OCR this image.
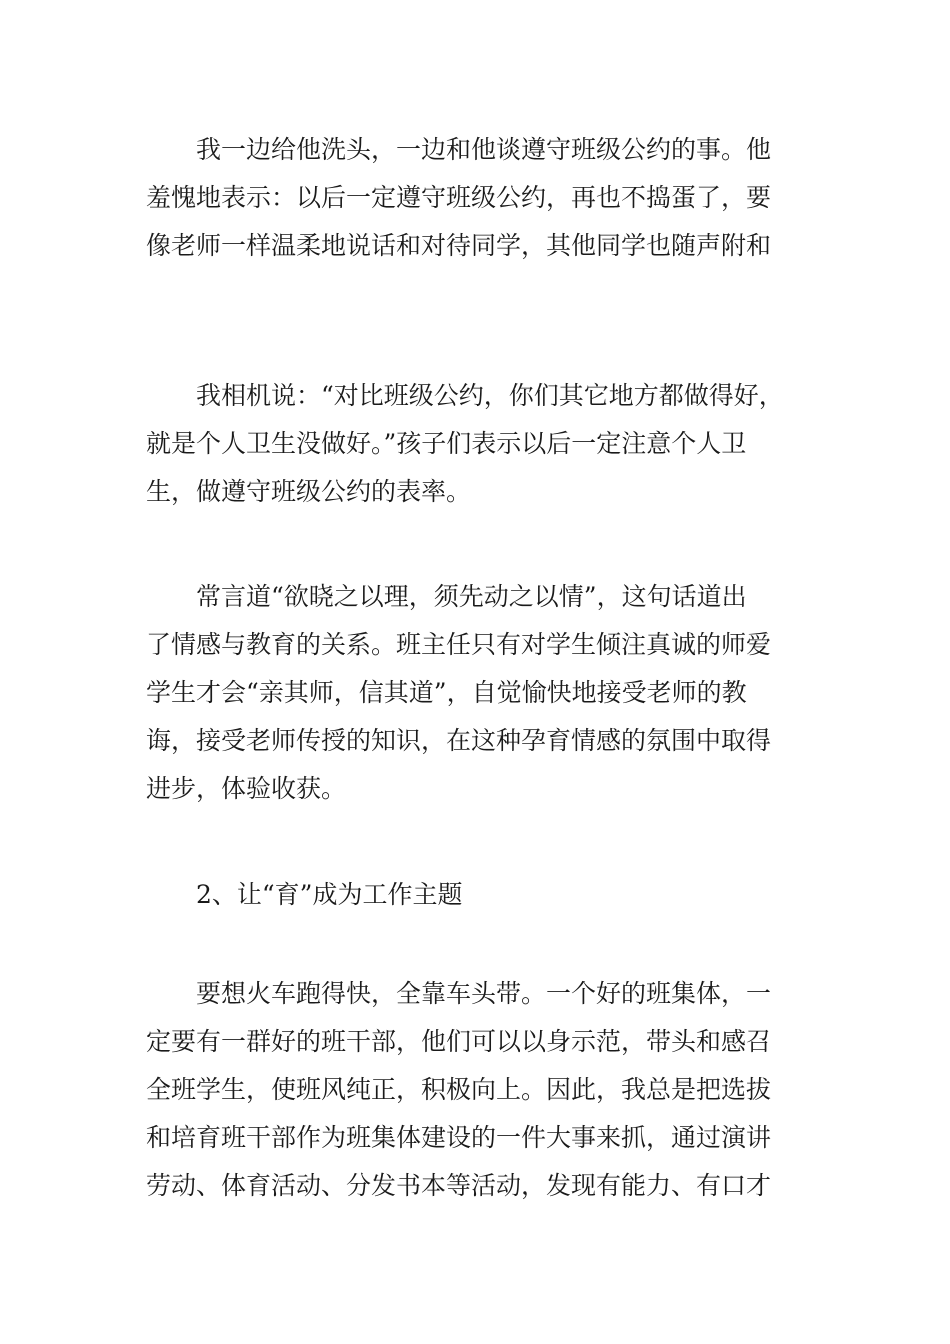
我一边给他洗头，一边和他谈遵守班级公约的事。他
羞愧地表示：以后一定遵守班级公约，再也不捣蛋了，要
像老师一样温柔地说话和对待同学，其他同学也随声附和
我相机说：“对比班级公约，你们其它地方都做得好，
就是个人卫生没做好。”孩子们表示以后一定注意个人卫
生，做遵守班级公约的表率。
常言道“欲晓之以理，须先动之以情”，这句话道出
了情感与教育的关系。班主任只有对学生倾注真诚的师爱
学生才会“亲其师，信其道”，自觉愉快地接受老师的教
诲，接受老师传授的知识，在这种孕育情感的氛围中取得
进步，体验收获。
2、让“育”成为工作主题
要想火车跑得快，全靠车头带。一个好的班集体，一
定要有一群好的班干部，他们可以以身示范，带头和感召
全班学生，使班风纯正，积极向上。因此，我总是把选拔
和培育班干部作为班集体建设的一件大事来抓，通过演讲
劳动、体育活动、分发书本等活动，发现有能力、有口才
